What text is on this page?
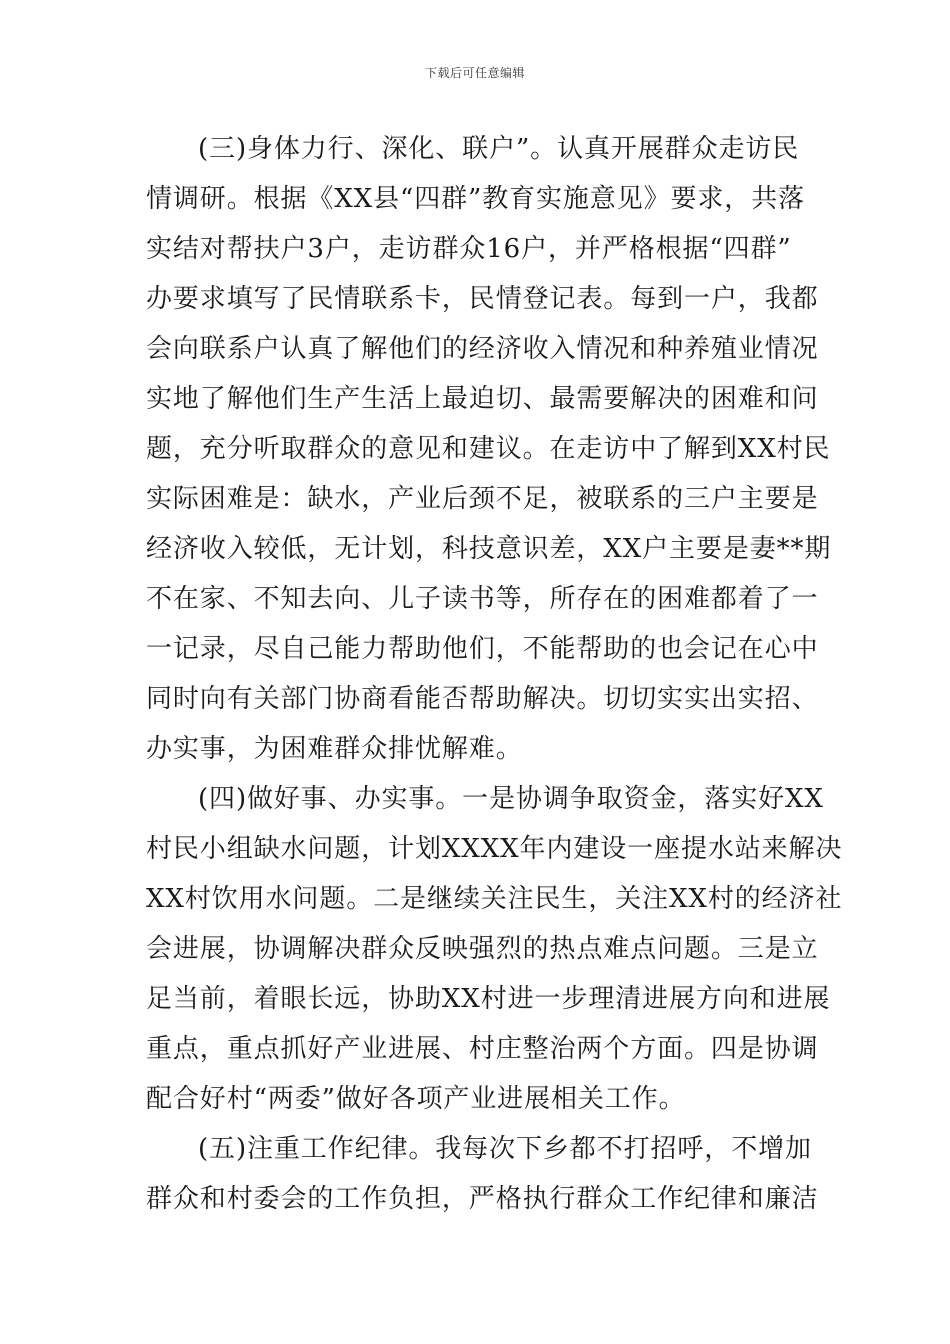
下载后可任意编辑
(三)身体力行、深化、联户”。认真开展群众走访民
情调研。根据《XX县“四群”教育实施意见》要求，共落
实结对帮扶户3户，走访群众16户，并严格根据“四群”
办要求填写了民情联系卡，民情登记表。每到一户，我都
会向联系户认真了解他们的经济收入情况和种养殖业情况
实地了解他们生产生活上最迫切、最需要解决的困难和问
题，充分听取群众的意见和建议。在走访中了解到XX村民
实际困难是：缺水，产业后颈不足，被联系的三户主要是
经济收入较低，无计划，科技意识差，XX户主要是妻**期
不在家、不知去向、儿子读书等，所存在的困难都着了一
一记录，尽自己能力帮助他们，不能帮助的也会记在心中
同时向有关部门协商看能否帮助解决。切切实实出实招、
办实事，为困难群众排忧解难。
(四)做好事、办实事。一是协调争取资金，落实好XX
村民小组缺水问题，计划XXXX年内建设一座提水站来解决
XX村饮用水问题。二是继续关注民生，关注XX村的经济社
会进展，协调解决群众反映强烈的热点难点问题。三是立
足当前，着眼长远，协助XX村进一步理清进展方向和进展
重点，重点抓好产业进展、村庄整治两个方面。四是协调
配合好村“两委”做好各项产业进展相关工作。
(五)注重工作纪律。我每次下乡都不打招呼，不增加
群众和村委会的工作负担，严格执行群众工作纪律和廉洁
